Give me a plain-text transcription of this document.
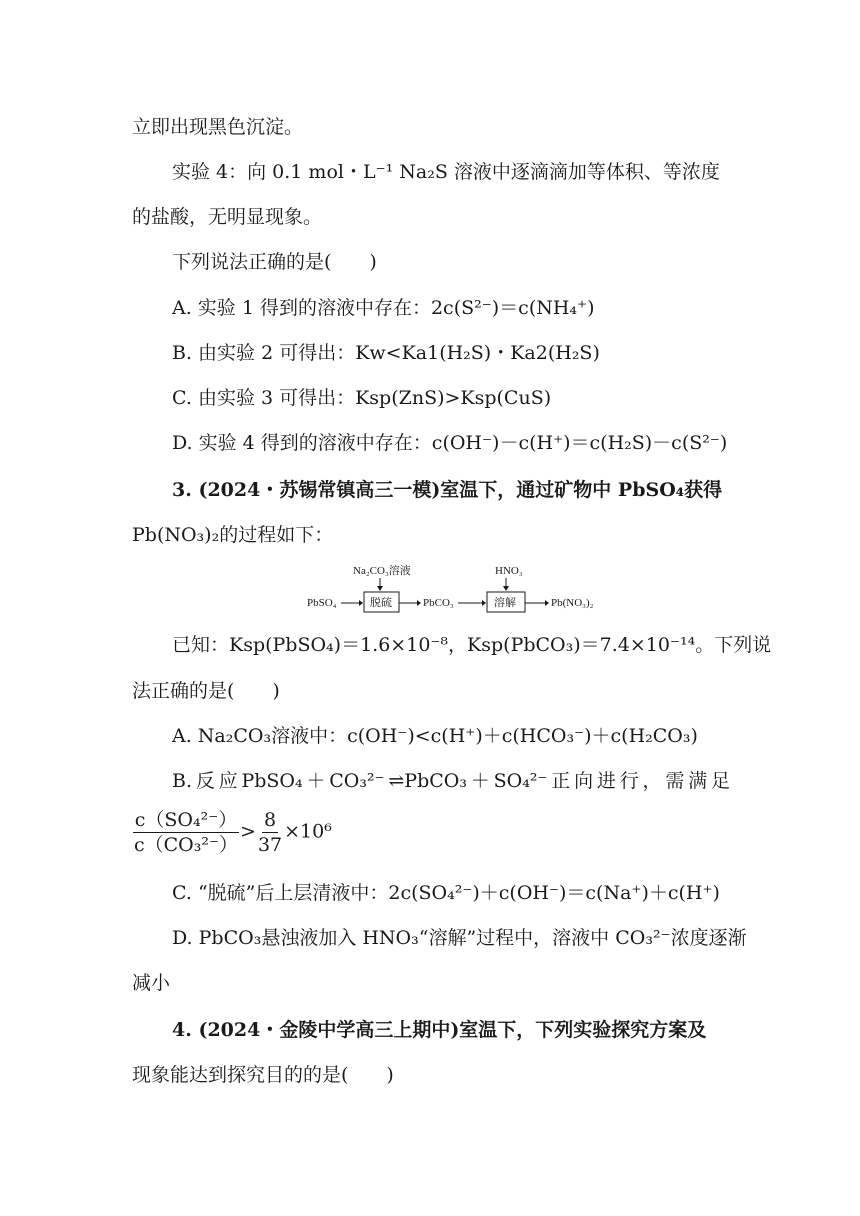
立即出现黑色沉淀。
实验 4：向 0.1 mol・L⁻¹ Na₂S 溶液中逐滴滴加等体积、等浓度
的盐酸，无明显现象。
下列说法正确的是(　　)
A. 实验 1 得到的溶液中存在：2c(S²⁻)＝c(NH₄⁺)
B. 由实验 2 可得出：Kw<Ka1(H₂S)・Ka2(H₂S)
C. 由实验 3 可得出：Ksp(ZnS)>Ksp(CuS)
D. 实验 4 得到的溶液中存在：c(OH⁻)－c(H⁺)＝c(H₂S)－c(S²⁻)
3. (2024・苏锡常镇高三一模)室温下，通过矿物中 PbSO₄获得
Pb(NO₃)₂的过程如下：
Na₂CO₃溶液	HNO₃
PbSO₄	脱硫	PbCO₃	溶解	Pb(NO₃)₂
已知：Ksp(PbSO₄)＝1.6×10⁻⁸，Ksp(PbCO₃)＝7.4×10⁻¹⁴。下列说
法正确的是(　　)
A. Na₂CO₃溶液中：c(OH⁻)<c(H⁺)＋c(HCO₃⁻)＋c(H₂CO₃)
B. 反 应 PbSO₄ ＋ CO₃²⁻ ⇌PbCO₃ ＋ SO₄²⁻ 正 向 进 行 ， 需 满 足
$\frac{\text{c（SO₄²⁻）}}{\text{c（CO₃²⁻）}} > \frac{8}{37} \times 10^6$
C. “脱硫”后上层清液中：2c(SO₄²⁻)＋c(OH⁻)＝c(Na⁺)＋c(H⁺)
D. PbCO₃悬浊液加入 HNO₃“溶解”过程中，溶液中 CO₃²⁻浓度逐渐
减小
4. (2024・金陵中学高三上期中)室温下，下列实验探究方案及
现象能达到探究目的的是(　　)
